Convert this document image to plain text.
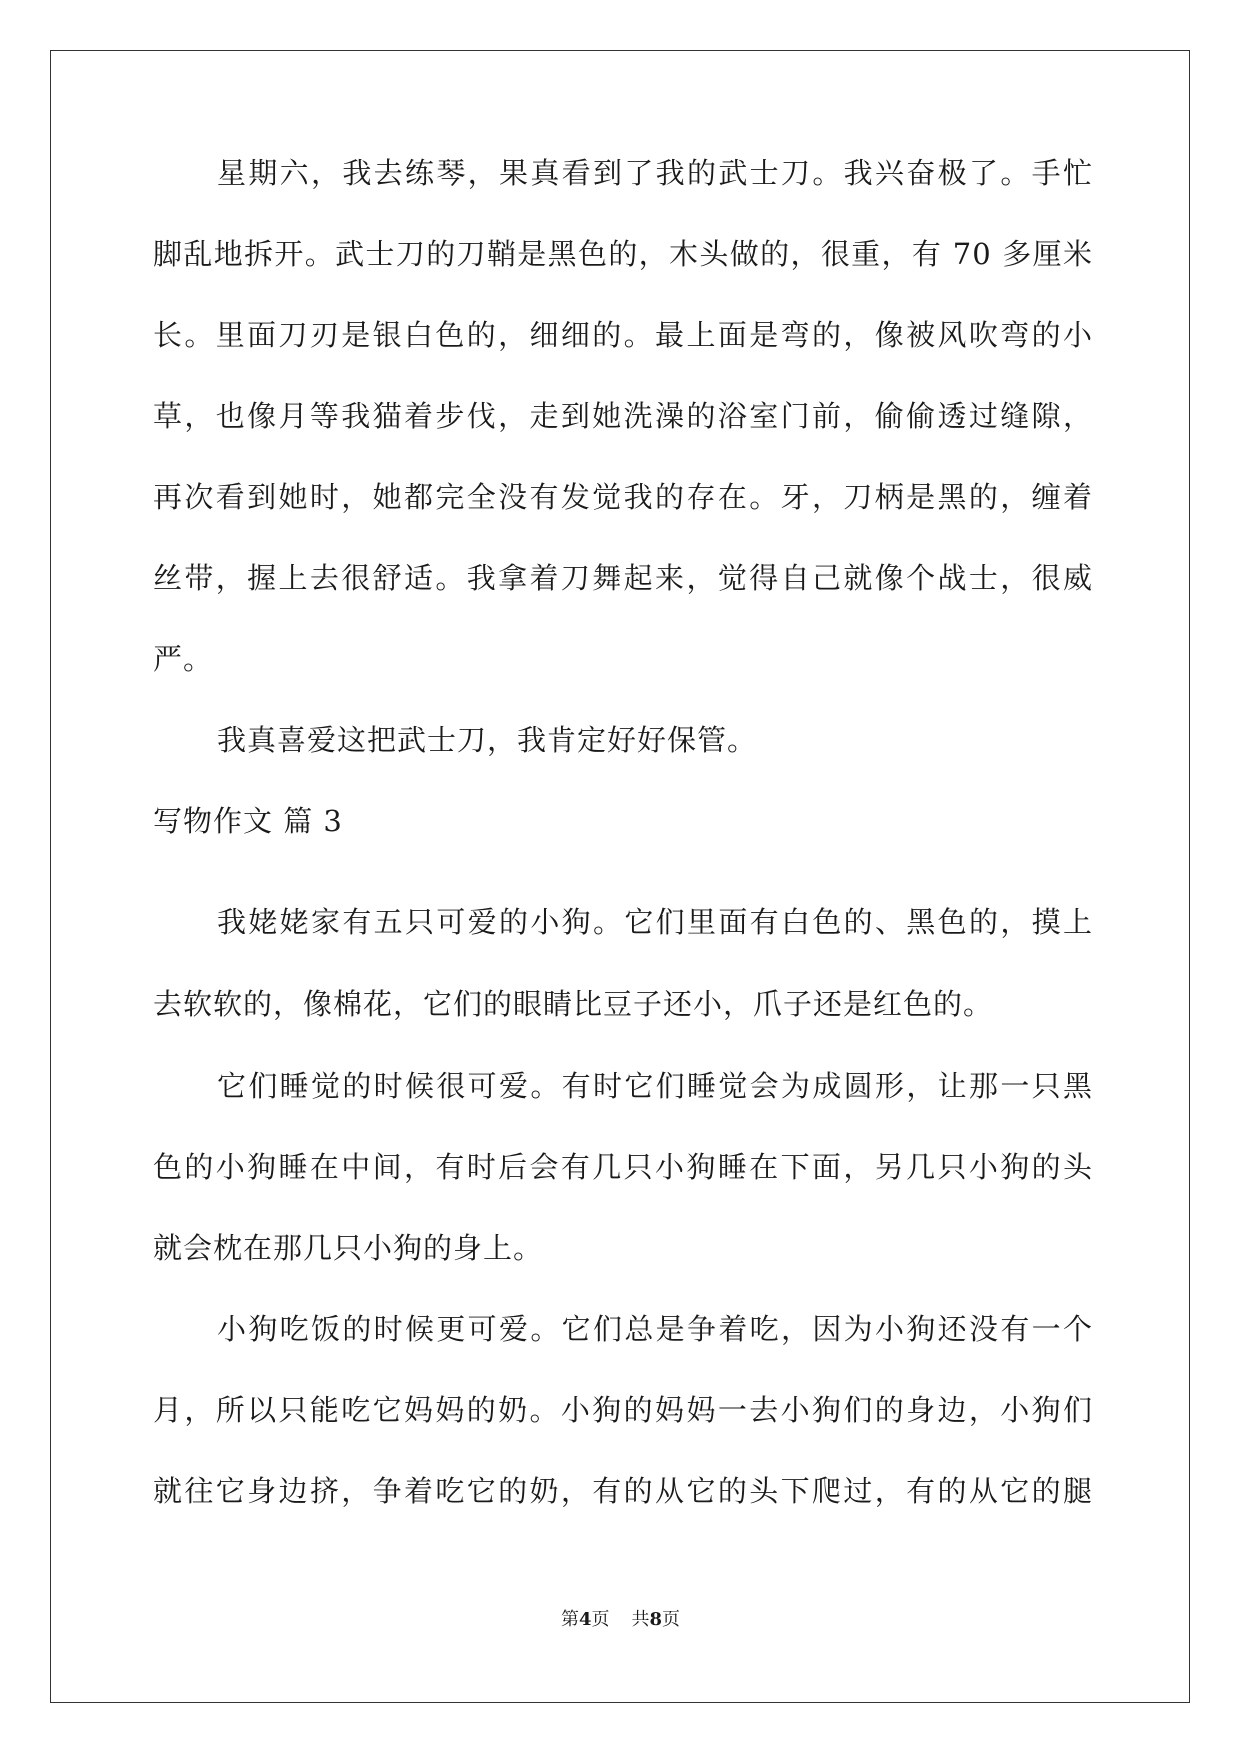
星期六，我去练琴，果真看到了我的武士刀。我兴奋极了。手忙
脚乱地拆开。武士刀的刀鞘是黑色的，木头做的，很重，有 70 多厘米
长。里面刀刃是银白色的，细细的。最上面是弯的，像被风吹弯的小
草，也像月等我猫着步伐，走到她洗澡的浴室门前，偷偷透过缝隙，
再次看到她时，她都完全没有发觉我的存在。牙，刀柄是黑的，缠着
丝带，握上去很舒适。我拿着刀舞起来，觉得自己就像个战士，很威
严。
我真喜爱这把武士刀，我肯定好好保管。
写物作文 篇 3
我姥姥家有五只可爱的小狗。它们里面有白色的、黑色的，摸上
去软软的，像棉花，它们的眼睛比豆子还小，爪子还是红色的。
它们睡觉的时候很可爱。有时它们睡觉会为成圆形，让那一只黑
色的小狗睡在中间，有时后会有几只小狗睡在下面，另几只小狗的头
就会枕在那几只小狗的身上。
小狗吃饭的时候更可爱。它们总是争着吃，因为小狗还没有一个
月，所以只能吃它妈妈的奶。小狗的妈妈一去小狗们的身边，小狗们
就往它身边挤，争着吃它的奶，有的从它的头下爬过，有的从它的腿
第4页 共8页
